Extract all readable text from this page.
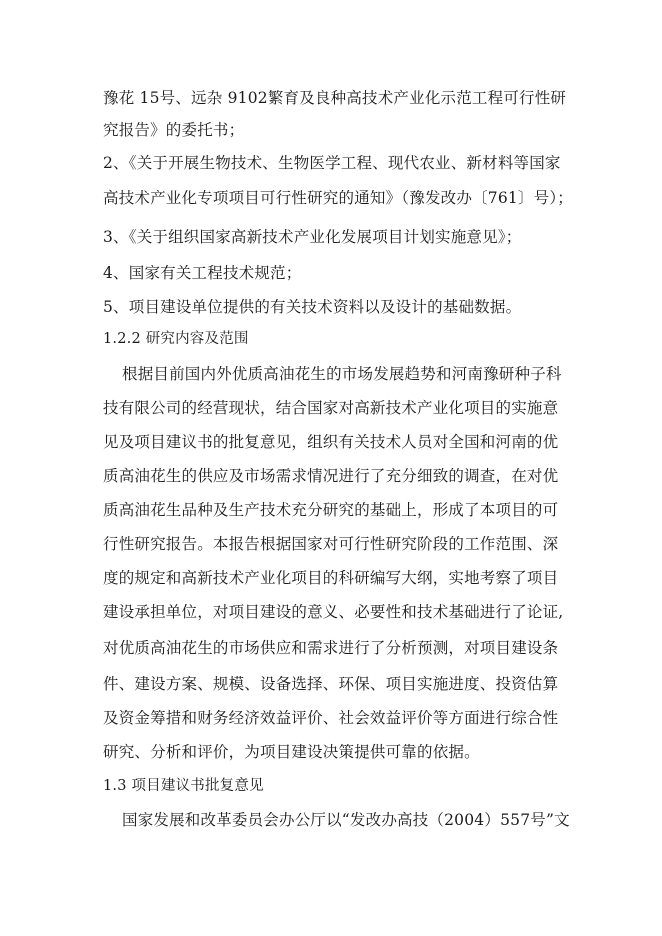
豫花 15号、远杂 9102繁育及良种高技术产业化示范工程可行性研
究报告》的委托书；
2、《关于开展生物技术、生物医学工程、现代农业、新材料等国家
高技术产业化专项项目可行性研究的通知》（豫发改办〔761〕号）；
3、《关于组织国家高新技术产业化发展项目计划实施意见》；
4、国家有关工程技术规范；
5、项目建设单位提供的有关技术资料以及设计的基础数据。
1.2.2 研究内容及范围
根据目前国内外优质高油花生的市场发展趋势和河南豫研种子科
技有限公司的经营现状，结合国家对高新技术产业化项目的实施意
见及项目建议书的批复意见，组织有关技术人员对全国和河南的优
质高油花生的供应及市场需求情况进行了充分细致的调查，在对优
质高油花生品种及生产技术充分研究的基础上，形成了本项目的可
行性研究报告。本报告根据国家对可行性研究阶段的工作范围、深
度的规定和高新技术产业化项目的科研编写大纲，实地考察了项目
建设承担单位，对项目建设的意义、必要性和技术基础进行了论证,
对优质高油花生的市场供应和需求进行了分析预测，对项目建设条
件、建设方案、规模、设备选择、环保、项目实施进度、投资估算
及资金筹措和财务经济效益评价、社会效益评价等方面进行综合性
研究、分析和评价，为项目建设决策提供可靠的依据。
1.3 项目建议书批复意见
国家发展和改革委员会办公厅以“发改办高技（2004）557号”文
